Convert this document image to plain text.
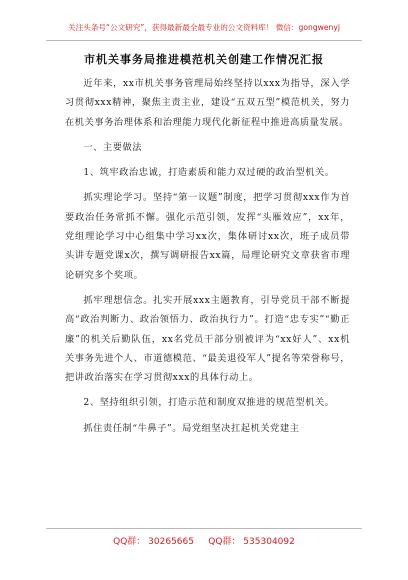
关注头条号“公文研究”，获得最新最全最专业的公文资料库！ 微信：gongwenyj
市机关事务局推进模范机关创建工作情况汇报

近年来，xx市机关事务管理局始终坚持以xxx为指导，深入学习贯彻xxx精神，聚焦主责主业，建设“五双五型”模范机关，努力在机关事务治理体系和治理能力现代化新征程中推进高质量发展。

一、主要做法

1、筑牢政治忠诚，打造素质和能力双过硬的政治型机关。

抓实理论学习。坚持“第一议题”制度，把学习贯彻xxx作为首要政治任务常抓不懈。强化示范引领，发挥“头雁效应”，xx年，党组理论学习中心组集中学习xx次，集体研讨xx次，班子成员带头讲专题党课x次，撰写调研报告xx篇，局理论研究文章获省市理论研究多个奖项。

抓牢理想信念。扎实开展xxx主题教育，引导党员干部不断提高“政治判断力、政治领悟力、政治执行力”。打造“忠专实”“勤正廉”的机关后勤队伍，xx名党员干部分别被评为“xx好人”、xx机关事务先进个人、市道德模范、“最美退役军人”提名等荣誉称号，把讲政治落实在学习贯彻xxx的具体行动上。

2、坚持组织引领，打造示范和制度双推进的规范型机关。

抓住责任制“牛鼻子”。局党组坚决扛起机关党建主

QQ群： 30265665     QQ群： 535304092
